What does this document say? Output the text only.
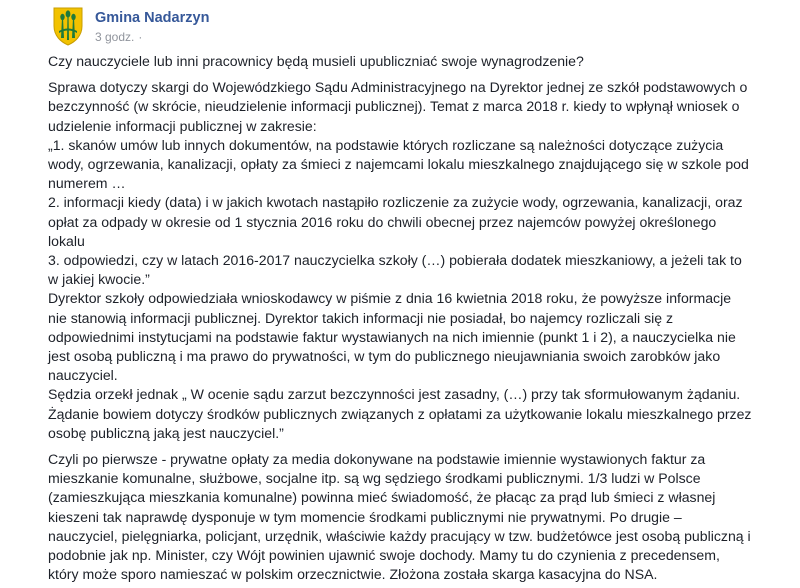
Gmina Nadarzyn
3 godz. ·

Czy nauczyciele lub inni pracownicy będą musieli upubliczniać swoje wynagrodzenie?

Sprawa dotyczy skargi do Wojewódzkiego Sądu Administracyjnego na Dyrektor jednej ze szkół podstawowych o

bezczynność (w skrócie, nieudzielenie informacji publicznej). Temat z marca 2018 r. kiedy to wpłynął wniosek o

udzielenie informacji publicznej w zakresie:

„1. skanów umów lub innych dokumentów, na podstawie których rozliczane są należności dotyczące zużycia

wody, ogrzewania, kanalizacji, opłaty za śmieci z najemcami lokalu mieszkalnego znajdującego się w szkole pod

numerem …

2. informacji kiedy (data) i w jakich kwotach nastąpiło rozliczenie za zużycie wody, ogrzewania, kanalizacji, oraz

opłat za odpady w okresie od 1 stycznia 2016 roku do chwili obecnej przez najemców powyżej określonego

lokalu

3. odpowiedzi, czy w latach 2016-2017 nauczycielka szkoły (…) pobierała dodatek mieszkaniowy, a jeżeli tak to

w jakiej kwocie.”

Dyrektor szkoły odpowiedziała wnioskodawcy w piśmie z dnia 16 kwietnia 2018 roku, że powyższe informacje

nie stanowią informacji publicznej. Dyrektor takich informacji nie posiadał, bo najemcy rozliczali się z

odpowiednimi instytucjami na podstawie faktur wystawianych na nich imiennie (punkt 1 i 2), a nauczycielka nie

jest osobą publiczną i ma prawo do prywatności, w tym do publicznego nieujawniania swoich zarobków jako

nauczyciel.

Sędzia orzekł jednak „ W ocenie sądu zarzut bezczynności jest zasadny, (…) przy tak sformułowanym żądaniu.

Żądanie bowiem dotyczy środków publicznych związanych z opłatami za użytkowanie lokalu mieszkalnego przez

osobę publiczną jaką jest nauczyciel.”

Czyli po pierwsze - prywatne opłaty za media dokonywane na podstawie imiennie wystawionych faktur za

mieszkanie komunalne, służbowe, socjalne itp. są wg sędziego środkami publicznymi. 1/3 ludzi w Polsce

(zamieszkująca mieszkania komunalne) powinna mieć świadomość, że płacąc za prąd lub śmieci z własnej

kieszeni tak naprawdę dysponuje w tym momencie środkami publicznymi nie prywatnymi. Po drugie –

nauczyciel, pielęgniarka, policjant, urzędnik, właściwie każdy pracujący w tzw. budżetówce jest osobą publiczną i

podobnie jak np. Minister, czy Wójt powinien ujawnić swoje dochody. Mamy tu do czynienia z precedensem,

który może sporo namieszać w polskim orzecznictwie. Złożona została skarga kasacyjna do NSA.
